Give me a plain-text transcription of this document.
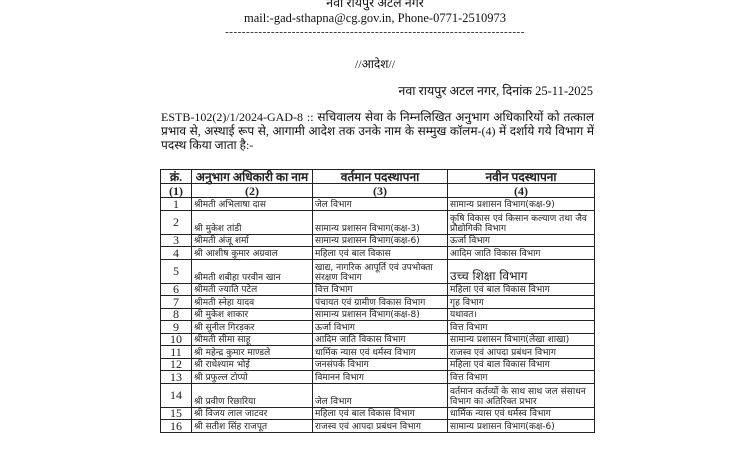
नवा रायपुर अटल नगर
mail:-gad-sthapna@cg.gov.in, Phone-0771-2510973
------------------------------------------------------------------------
//आदेश//
नवा रायपुर अटल नगर, दिनांक 25-11-2025
ESTB-102(2)/1/2024-GAD-8 :: सचिवालय सेवा के निम्नलिखित अनुभाग अधिकारियों को तत्काल प्रभाव से, अस्थाई रूप से, आगामी आदेश तक उनके नाम के सम्मुख कॉलम-(4) में दर्शाये गये विभाग में पदस्थ किया जाता है:-
क्रं.	अनुभाग अधिकारी का नाम	वर्तमान पदस्थापना	नवीन पदस्थापना
(1)	(2)	(3)	(4)
1	श्रीमती अभिलाषा दास	जेल विभाग	सामान्य प्रशासन विभाग(कक्ष-9)
2	श्री मुकेश तांडी	सामान्य प्रशासन विभाग(कक्ष-3)	कृषि विकास एवं किसान कल्याण तथा जैव प्रौद्योगिकी विभाग
3	श्रीमती अंजू शर्मा	सामान्य प्रशासन विभाग(कक्ष-6)	ऊर्जा विभाग
4	श्री आशीष कुमार अग्रवाल	महिला एवं बाल विकास	आदिम जाति विकास विभाग
5	श्रीमती शबीहा परवीन खान	खाद्य, नागरिक आपूर्ति एवं उपभोक्ता संरक्षण विभाग	उच्च शिक्षा विभाग
6	श्रीमती ज्याति पटेल	वित्त विभाग	महिला एवं बाल विकास विभाग
7	श्रीमती स्नेहा यादव	पंचायत एवं ग्रामीण विकास विभाग	गृह विभाग
8	श्री मुकेश शाकार	सामान्य प्रशासन विभाग(कक्ष-8)	यथावत।
9	श्री सुनील गिरड़कर	ऊर्जा विभाग	वित्त विभाग
10	श्रीमती सीमा साहू	आदिम जाति विकास विभाग	सामान्य प्रशासन विभाग(लेखा शाखा)
11	श्री महेन्द्र कुमार माण्डले	धार्मिक न्यास एवं धर्मस्व विभाग	राजस्व एवं आपदा प्रबंधन विभाग
12	श्री राधेश्याम भोई	जनसंपर्क विभाग	महिला एवं बाल विकास विभाग
13	श्री प्रफुल्ल टोप्पो	विमानन विभाग	वित्त विभाग
14	श्री प्रवीण रिछारिया	जेल विभाग	वर्तमान कर्तव्यों के साथ साथ जल संसाधन विभाग का अतिरिक्त प्रभार
15	श्री विजय लाल जाटवर	महिला एवं बाल विकास विभाग	धार्मिक न्यास एवं धर्मस्व विभाग
16	श्री सतीश सिंह राजपूत	राजस्व एवं आपदा प्रबंधन विभाग	सामान्य प्रशासन विभाग(कक्ष-6)
